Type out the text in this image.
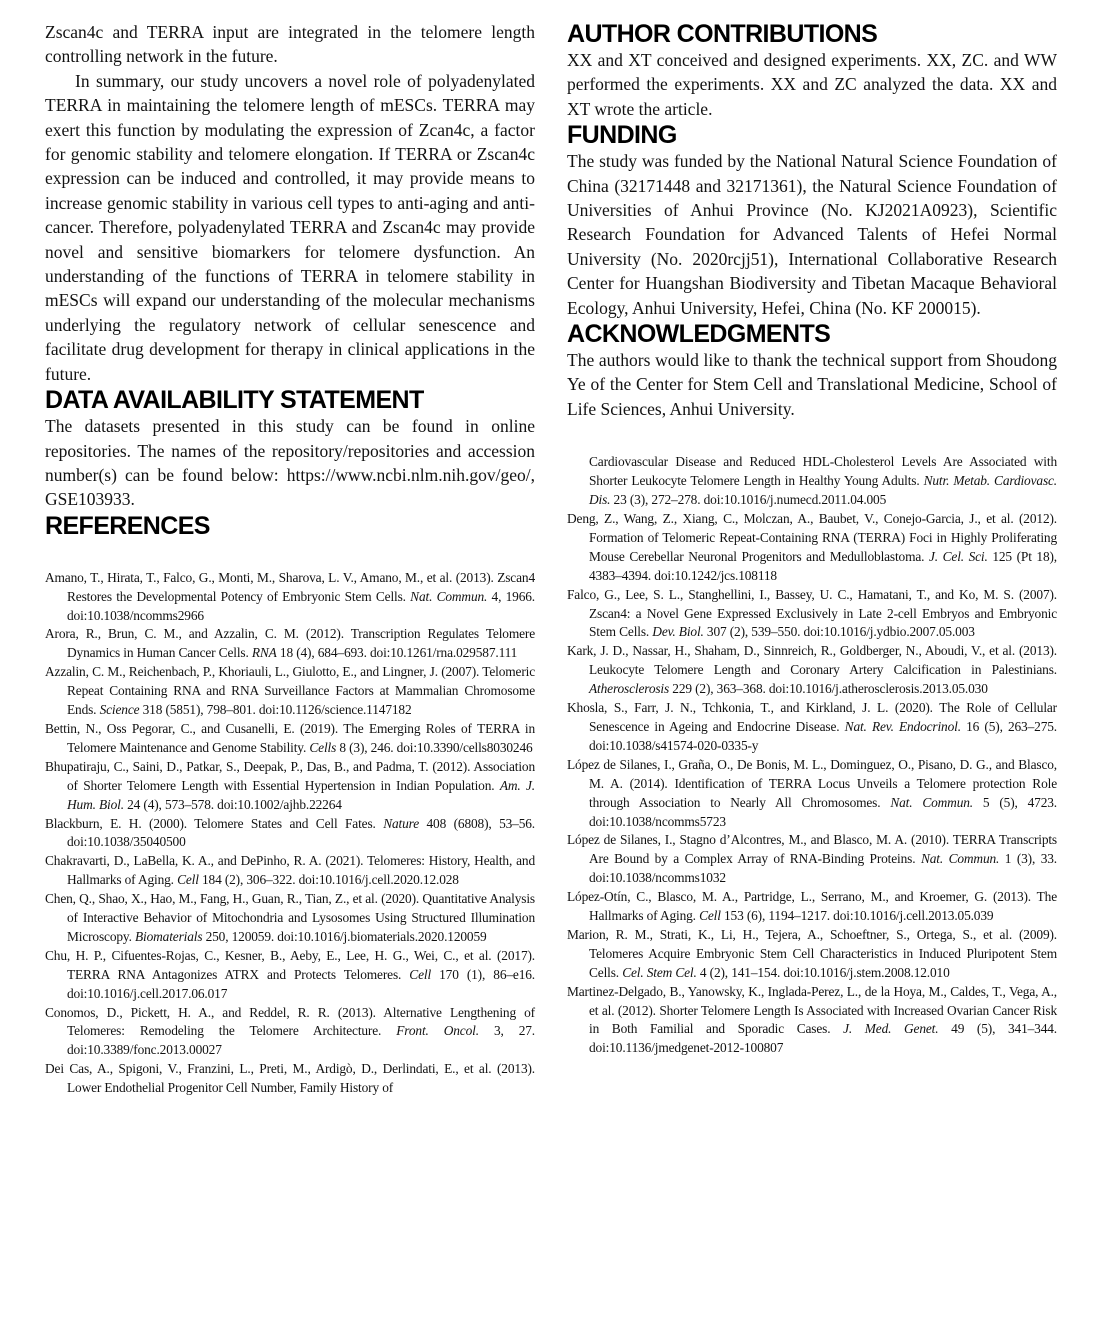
Zscan4c and TERRA input are integrated in the telomere length controlling network in the future.

In summary, our study uncovers a novel role of polyadenylated TERRA in maintaining the telomere length of mESCs. TERRA may exert this function by modulating the expression of Zcan4c, a factor for genomic stability and telomere elongation. If TERRA or Zscan4c expression can be induced and controlled, it may provide means to increase genomic stability in various cell types to anti-aging and anti-cancer. Therefore, polyadenylated TERRA and Zscan4c may provide novel and sensitive biomarkers for telomere dysfunction. An understanding of the functions of TERRA in telomere stability in mESCs will expand our understanding of the molecular mechanisms underlying the regulatory network of cellular senescence and facilitate drug development for therapy in clinical applications in the future.

DATA AVAILABILITY STATEMENT

The datasets presented in this study can be found in online repositories. The names of the repository/repositories and accession number(s) can be found below: https://www.ncbi.nlm.nih.gov/geo/, GSE103933.

REFERENCES
Amano, T., Hirata, T., Falco, G., Monti, M., Sharova, L. V., Amano, M., et al. (2013). Zscan4 Restores the Developmental Potency of Embryonic Stem Cells. Nat. Commun. 4, 1966. doi:10.1038/ncomms2966
Arora, R., Brun, C. M., and Azzalin, C. M. (2012). Transcription Regulates Telomere Dynamics in Human Cancer Cells. RNA 18 (4), 684–693. doi:10.1261/rna.029587.111
Azzalin, C. M., Reichenbach, P., Khoriauli, L., Giulotto, E., and Lingner, J. (2007). Telomeric Repeat Containing RNA and RNA Surveillance Factors at Mammalian Chromosome Ends. Science 318 (5851), 798–801. doi:10.1126/science.1147182
Bettin, N., Oss Pegorar, C., and Cusanelli, E. (2019). The Emerging Roles of TERRA in Telomere Maintenance and Genome Stability. Cells 8 (3), 246. doi:10.3390/cells8030246
Bhupatiraju, C., Saini, D., Patkar, S., Deepak, P., Das, B., and Padma, T. (2012). Association of Shorter Telomere Length with Essential Hypertension in Indian Population. Am. J. Hum. Biol. 24 (4), 573–578. doi:10.1002/ajhb.22264
Blackburn, E. H. (2000). Telomere States and Cell Fates. Nature 408 (6808), 53–56. doi:10.1038/35040500
Chakravarti, D., LaBella, K. A., and DePinho, R. A. (2021). Telomeres: History, Health, and Hallmarks of Aging. Cell 184 (2), 306–322. doi:10.1016/j.cell.2020.12.028
Chen, Q., Shao, X., Hao, M., Fang, H., Guan, R., Tian, Z., et al. (2020). Quantitative Analysis of Interactive Behavior of Mitochondria and Lysosomes Using Structured Illumination Microscopy. Biomaterials 250, 120059. doi:10.1016/j.biomaterials.2020.120059
Chu, H. P., Cifuentes-Rojas, C., Kesner, B., Aeby, E., Lee, H. G., Wei, C., et al. (2017). TERRA RNA Antagonizes ATRX and Protects Telomeres. Cell 170 (1), 86–e16. doi:10.1016/j.cell.2017.06.017
Conomos, D., Pickett, H. A., and Reddel, R. R. (2013). Alternative Lengthening of Telomeres: Remodeling the Telomere Architecture. Front. Oncol. 3, 27. doi:10.3389/fonc.2013.00027
Dei Cas, A., Spigoni, V., Franzini, L., Preti, M., Ardigò, D., Derlindati, E., et al. (2013). Lower Endothelial Progenitor Cell Number, Family History of
AUTHOR CONTRIBUTIONS

XX and XT conceived and designed experiments. XX, ZC. and WW performed the experiments. XX and ZC analyzed the data. XX and XT wrote the article.

FUNDING

The study was funded by the National Natural Science Foundation of China (32171448 and 32171361), the Natural Science Foundation of Universities of Anhui Province (No. KJ2021A0923), Scientific Research Foundation for Advanced Talents of Hefei Normal University (No. 2020rcjj51), International Collaborative Research Center for Huangshan Biodiversity and Tibetan Macaque Behavioral Ecology, Anhui University, Hefei, China (No. KF 200015).

ACKNOWLEDGMENTS

The authors would like to thank the technical support from Shoudong Ye of the Center for Stem Cell and Translational Medicine, School of Life Sciences, Anhui University.

Cardiovascular Disease and Reduced HDL-Cholesterol Levels Are Associated with Shorter Leukocyte Telomere Length in Healthy Young Adults. Nutr. Metab. Cardiovasc. Dis. 23 (3), 272–278. doi:10.1016/j.numecd.2011.04.005
Deng, Z., Wang, Z., Xiang, C., Molczan, A., Baubet, V., Conejo-Garcia, J., et al. (2012). Formation of Telomeric Repeat-Containing RNA (TERRA) Foci in Highly Proliferating Mouse Cerebellar Neuronal Progenitors and Medulloblastoma. J. Cel. Sci. 125 (Pt 18), 4383–4394. doi:10.1242/jcs.108118
Falco, G., Lee, S. L., Stanghellini, I., Bassey, U. C., Hamatani, T., and Ko, M. S. (2007). Zscan4: a Novel Gene Expressed Exclusively in Late 2-cell Embryos and Embryonic Stem Cells. Dev. Biol. 307 (2), 539–550. doi:10.1016/j.ydbio.2007.05.003
Kark, J. D., Nassar, H., Shaham, D., Sinnreich, R., Goldberger, N., Aboudi, V., et al. (2013). Leukocyte Telomere Length and Coronary Artery Calcification in Palestinians. Atherosclerosis 229 (2), 363–368. doi:10.1016/j.atherosclerosis.2013.05.030
Khosla, S., Farr, J. N., Tchkonia, T., and Kirkland, J. L. (2020). The Role of Cellular Senescence in Ageing and Endocrine Disease. Nat. Rev. Endocrinol. 16 (5), 263–275. doi:10.1038/s41574-020-0335-y
López de Silanes, I., Graña, O., De Bonis, M. L., Dominguez, O., Pisano, D. G., and Blasco, M. A. (2014). Identification of TERRA Locus Unveils a Telomere protection Role through Association to Nearly All Chromosomes. Nat. Commun. 5 (5), 4723. doi:10.1038/ncomms5723
López de Silanes, I., Stagno d’Alcontres, M., and Blasco, M. A. (2010). TERRA Transcripts Are Bound by a Complex Array of RNA-Binding Proteins. Nat. Commun. 1 (3), 33. doi:10.1038/ncomms1032
López-Otín, C., Blasco, M. A., Partridge, L., Serrano, M., and Kroemer, G. (2013). The Hallmarks of Aging. Cell 153 (6), 1194–1217. doi:10.1016/j.cell.2013.05.039
Marion, R. M., Strati, K., Li, H., Tejera, A., Schoeftner, S., Ortega, S., et al. (2009). Telomeres Acquire Embryonic Stem Cell Characteristics in Induced Pluripotent Stem Cells. Cel. Stem Cel. 4 (2), 141–154. doi:10.1016/j.stem.2008.12.010
Martinez-Delgado, B., Yanowsky, K., Inglada-Perez, L., de la Hoya, M., Caldes, T., Vega, A., et al. (2012). Shorter Telomere Length Is Associated with Increased Ovarian Cancer Risk in Both Familial and Sporadic Cases. J. Med. Genet. 49 (5), 341–344. doi:10.1136/jmedgenet-2012-100807
